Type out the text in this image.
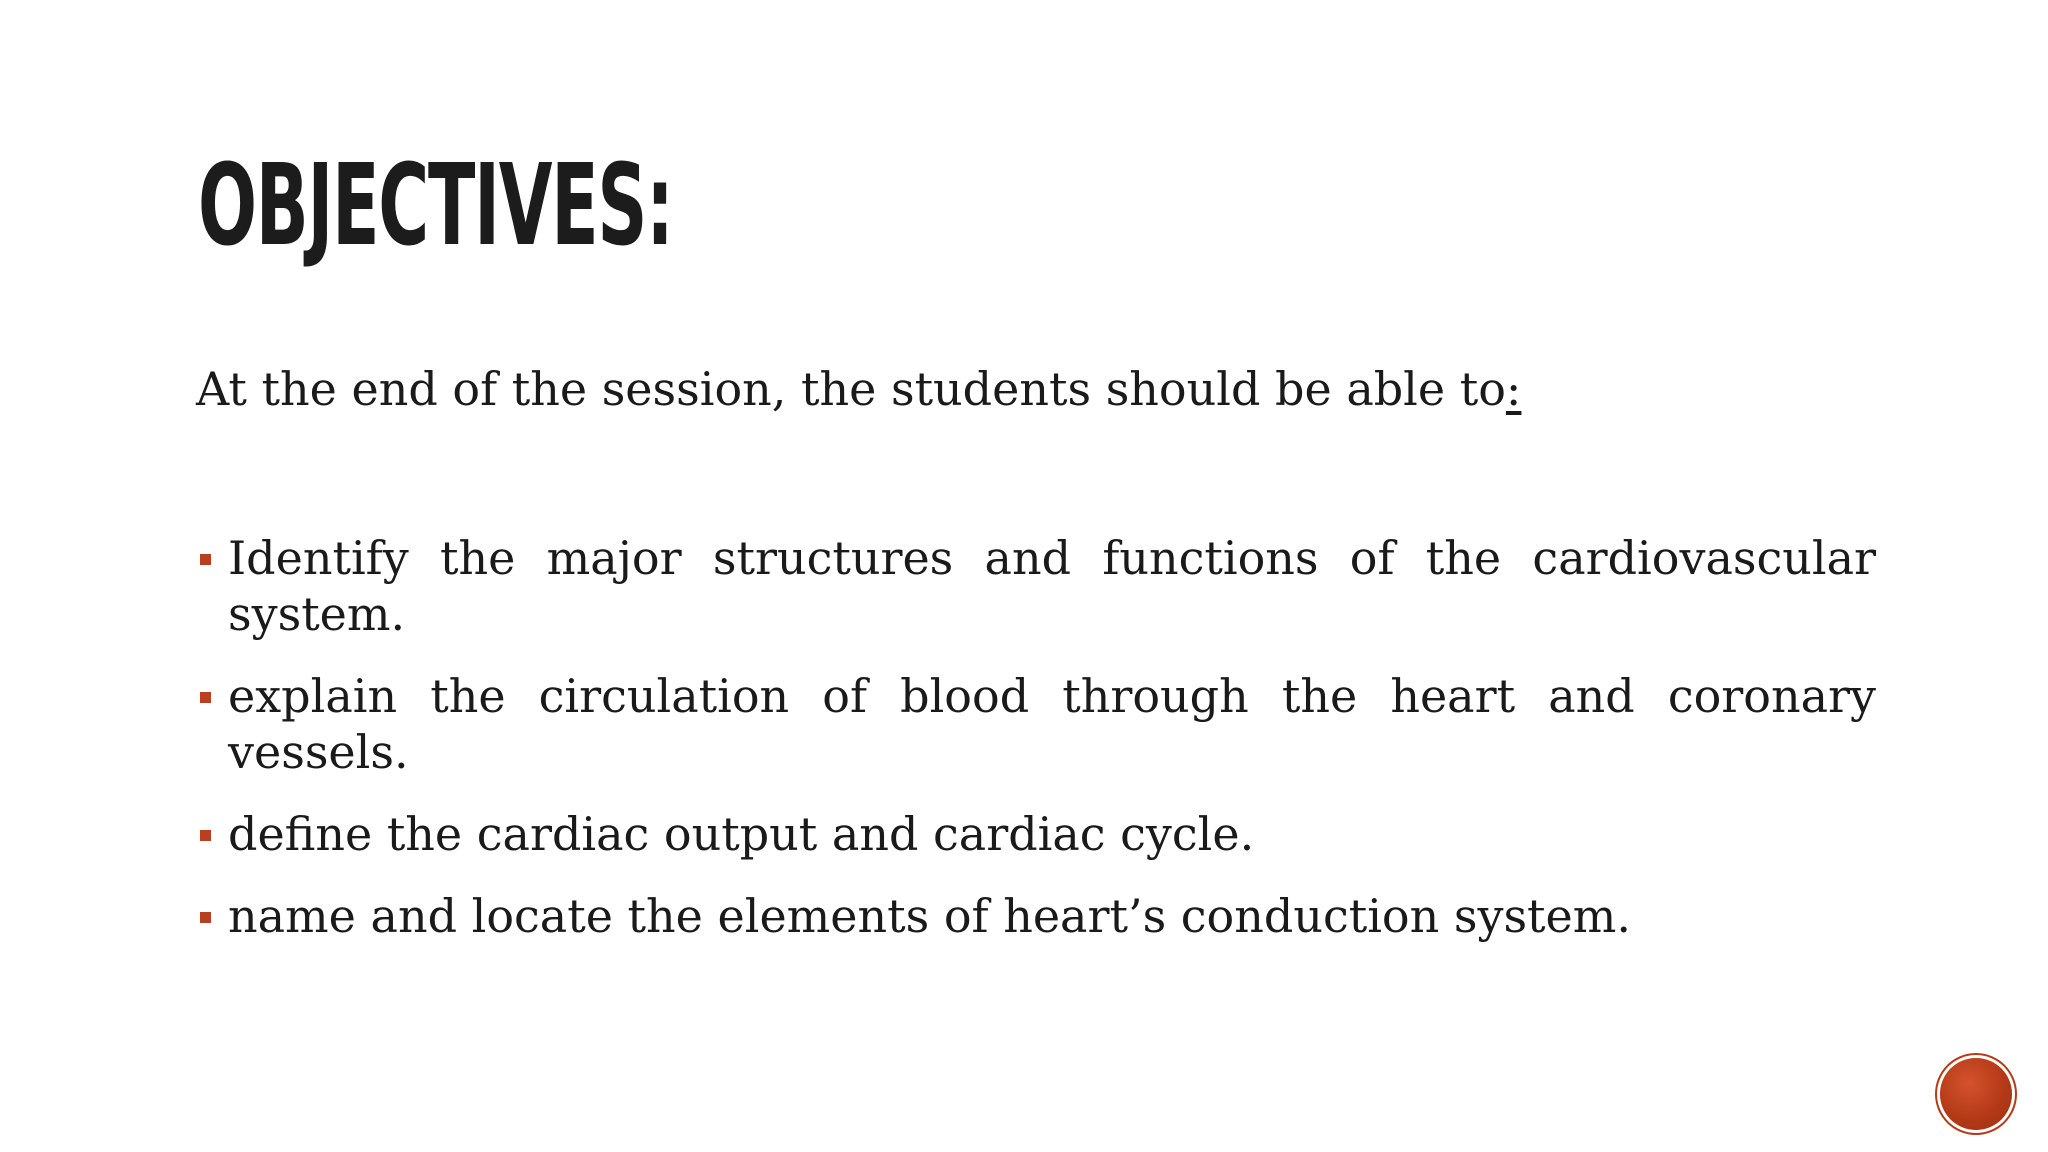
OBJECTIVES:
At the end of the session, the students should be able to:
Identify the major structures and functions of the cardiovascular system.
explain the circulation of blood through the heart and coronary vessels.
define the cardiac output and cardiac cycle.
name and locate the elements of heart’s conduction system.
